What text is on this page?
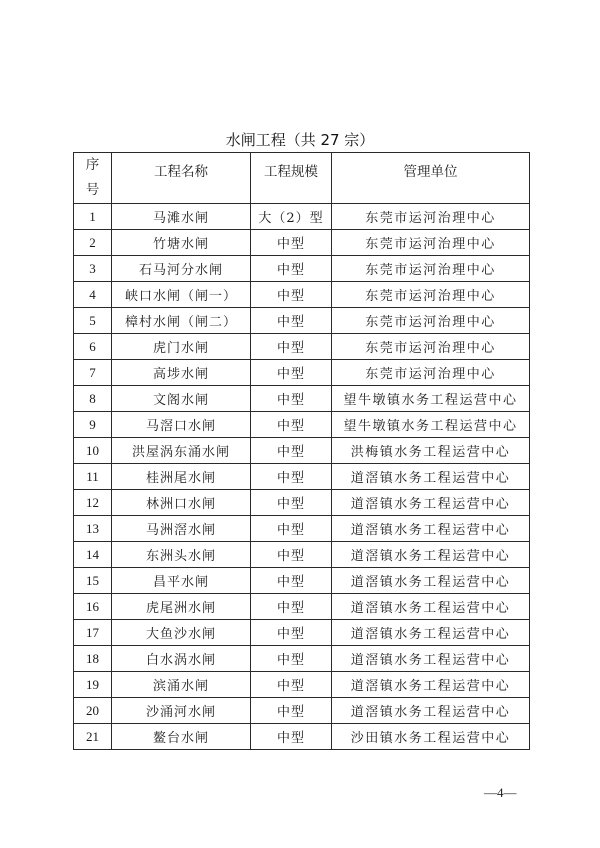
水闸工程（共 27 宗）
序
号	工程名称	工程规模	管理单位
1	马滩水闸	大（2）型	东莞市运河治理中心
2	竹塘水闸	中型	东莞市运河治理中心
3	石马河分水闸	中型	东莞市运河治理中心
4	峡口水闸（闸一）	中型	东莞市运河治理中心
5	樟村水闸（闸二）	中型	东莞市运河治理中心
6	虎门水闸	中型	东莞市运河治理中心
7	高埗水闸	中型	东莞市运河治理中心
8	文阁水闸	中型	望牛墩镇水务工程运营中心
9	马滘口水闸	中型	望牛墩镇水务工程运营中心
10	洪屋涡东涌水闸	中型	洪梅镇水务工程运营中心
11	桂洲尾水闸	中型	道滘镇水务工程运营中心
12	林洲口水闸	中型	道滘镇水务工程运营中心
13	马洲滘水闸	中型	道滘镇水务工程运营中心
14	东洲头水闸	中型	道滘镇水务工程运营中心
15	昌平水闸	中型	道滘镇水务工程运营中心
16	虎尾洲水闸	中型	道滘镇水务工程运营中心
17	大鱼沙水闸	中型	道滘镇水务工程运营中心
18	白水涡水闸	中型	道滘镇水务工程运营中心
19	滨涌水闸	中型	道滘镇水务工程运营中心
20	沙涌河水闸	中型	道滘镇水务工程运营中心
21	鳌台水闸	中型	沙田镇水务工程运营中心
—4—
